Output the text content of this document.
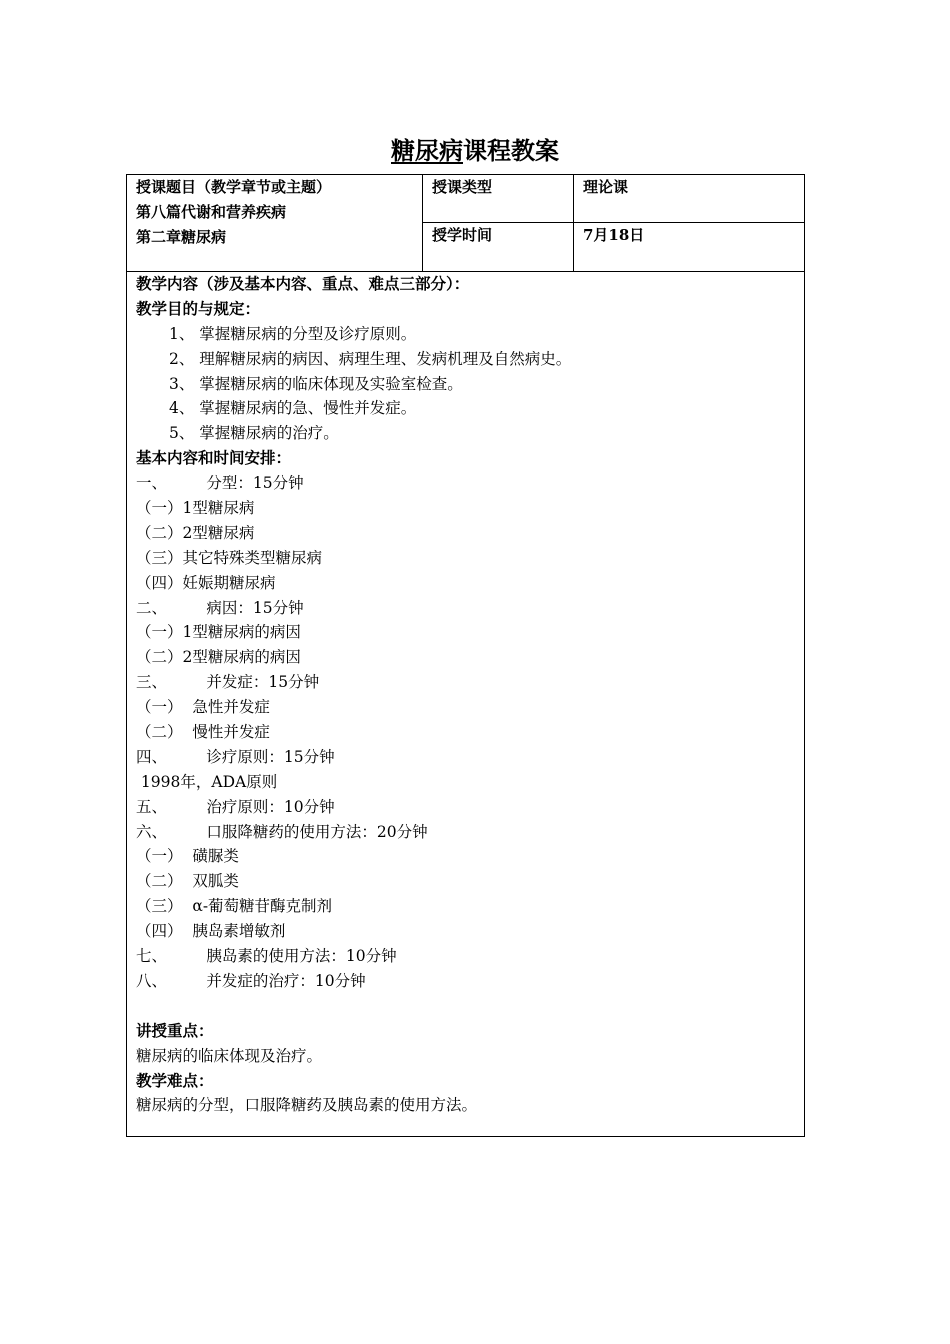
糖尿病课程教案
授课题目（教学章节或主题）
第八篇代谢和营养疾病
第二章糖尿病
授课类型	理论课
授学时间	7月18日
教学内容（涉及基本内容、重点、难点三部分）：
教学目的与规定：
1、 掌握糖尿病的分型及诊疗原则。
2、 理解糖尿病的病因、病理生理、发病机理及自然病史。
3、 掌握糖尿病的临床体现及实验室检查。
4、 掌握糖尿病的急、慢性并发症。
5、 掌握糖尿病的治疗。
基本内容和时间安排：
一、        分型：15分钟
（一）1型糖尿病
（二）2型糖尿病
（三）其它特殊类型糖尿病
（四）妊娠期糖尿病
二、        病因：15分钟
（一）1型糖尿病的病因
（二）2型糖尿病的病因
三、        并发症：15分钟
（一）  急性并发症
（二）  慢性并发症
四、        诊疗原则：15分钟
1998年，ADA原则
五、        治疗原则：10分钟
六、        口服降糖药的使用方法：20分钟
（一）  磺脲类
（二）  双胍类
（三）  α-葡萄糖苷酶克制剂
（四）  胰岛素增敏剂
七、        胰岛素的使用方法：10分钟
八、        并发症的治疗：10分钟
讲授重点：
糖尿病的临床体现及治疗。
教学难点：
糖尿病的分型，口服降糖药及胰岛素的使用方法。
